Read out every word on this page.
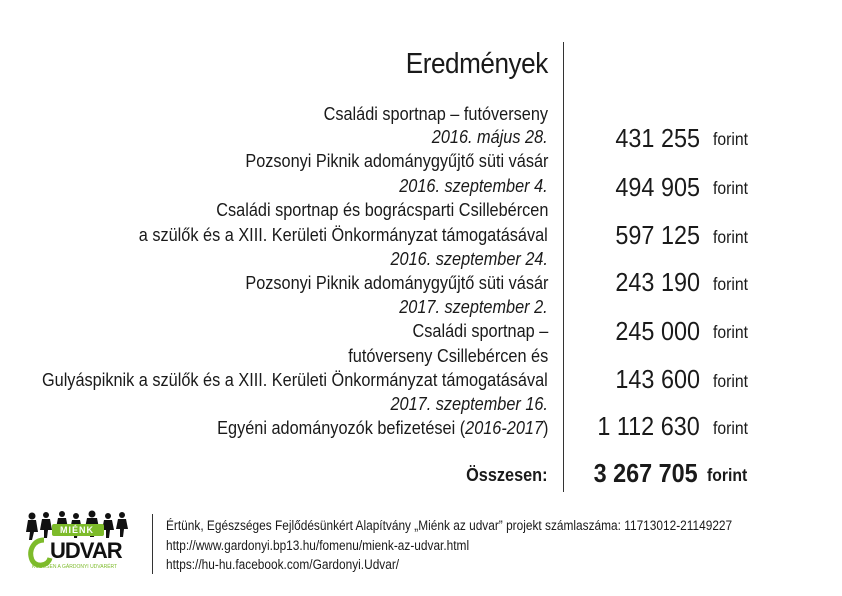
Eredmények
Családi sportnap – futóverseny
2016. május 28.
Pozsonyi Piknik adománygyűjtő süti vásár
2016. szeptember 4.
Családi sportnap és bográcsparti Csillebércen
a szülők és a XIII. Kerületi Önkormányzat támogatásával
2016. szeptember 24.
Pozsonyi Piknik adománygyűjtő süti vásár
2017. szeptember 2.
Családi sportnap –
futóverseny Csillebércen és
Gulyáspiknik a szülők és a XIII. Kerületi Önkormányzat támogatásával
2017. szeptember 16.
Egyéni adományozók befizetései (2016-2017)
431 255
494 905
597 125
243 190
245 000
143 600
1 112 630
forint
forint
forint
forint
forint
forint
forint
Összesen: 3 267 705 forint
MIÉNK
UDVAR
KÖZÖSEN A GÁRDONYI UDVARÉRT
Értünk, Egészséges Fejlődésünkért Alapítvány „Miénk az udvar” projekt számlaszáma: 11713012-21149227
http://www.gardonyi.bp13.hu/fomenu/mienk-az-udvar.html
https://hu-hu.facebook.com/Gardonyi.Udvar/
